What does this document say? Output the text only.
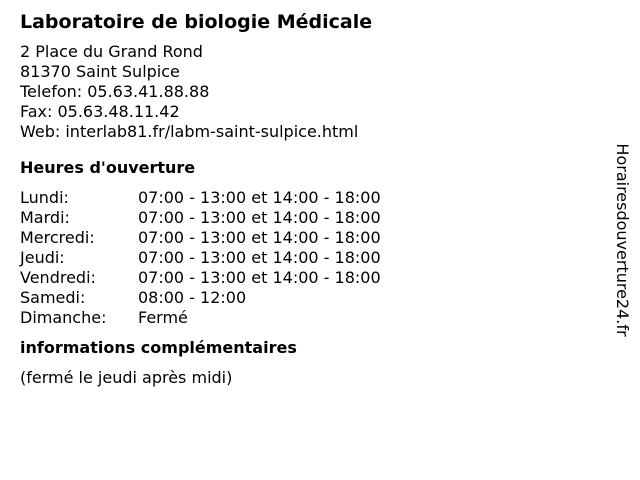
Laboratoire de biologie Médicale
2 Place du Grand Rond
81370 Saint Sulpice
Telefon: 05.63.41.88.88
Fax: 05.63.48.11.42
Web: interlab81.fr/labm-saint-sulpice.html
Heures d'ouverture
Lundi:	07:00 - 13:00 et 14:00 - 18:00
Mardi:	07:00 - 13:00 et 14:00 - 18:00
Mercredi:	07:00 - 13:00 et 14:00 - 18:00
Jeudi:	07:00 - 13:00 et 14:00 - 18:00
Vendredi:	07:00 - 13:00 et 14:00 - 18:00
Samedi:	08:00 - 12:00
Dimanche:	Fermé
informations complémentaires
(fermé le jeudi après midi)
Horairesdouverture24.fr
